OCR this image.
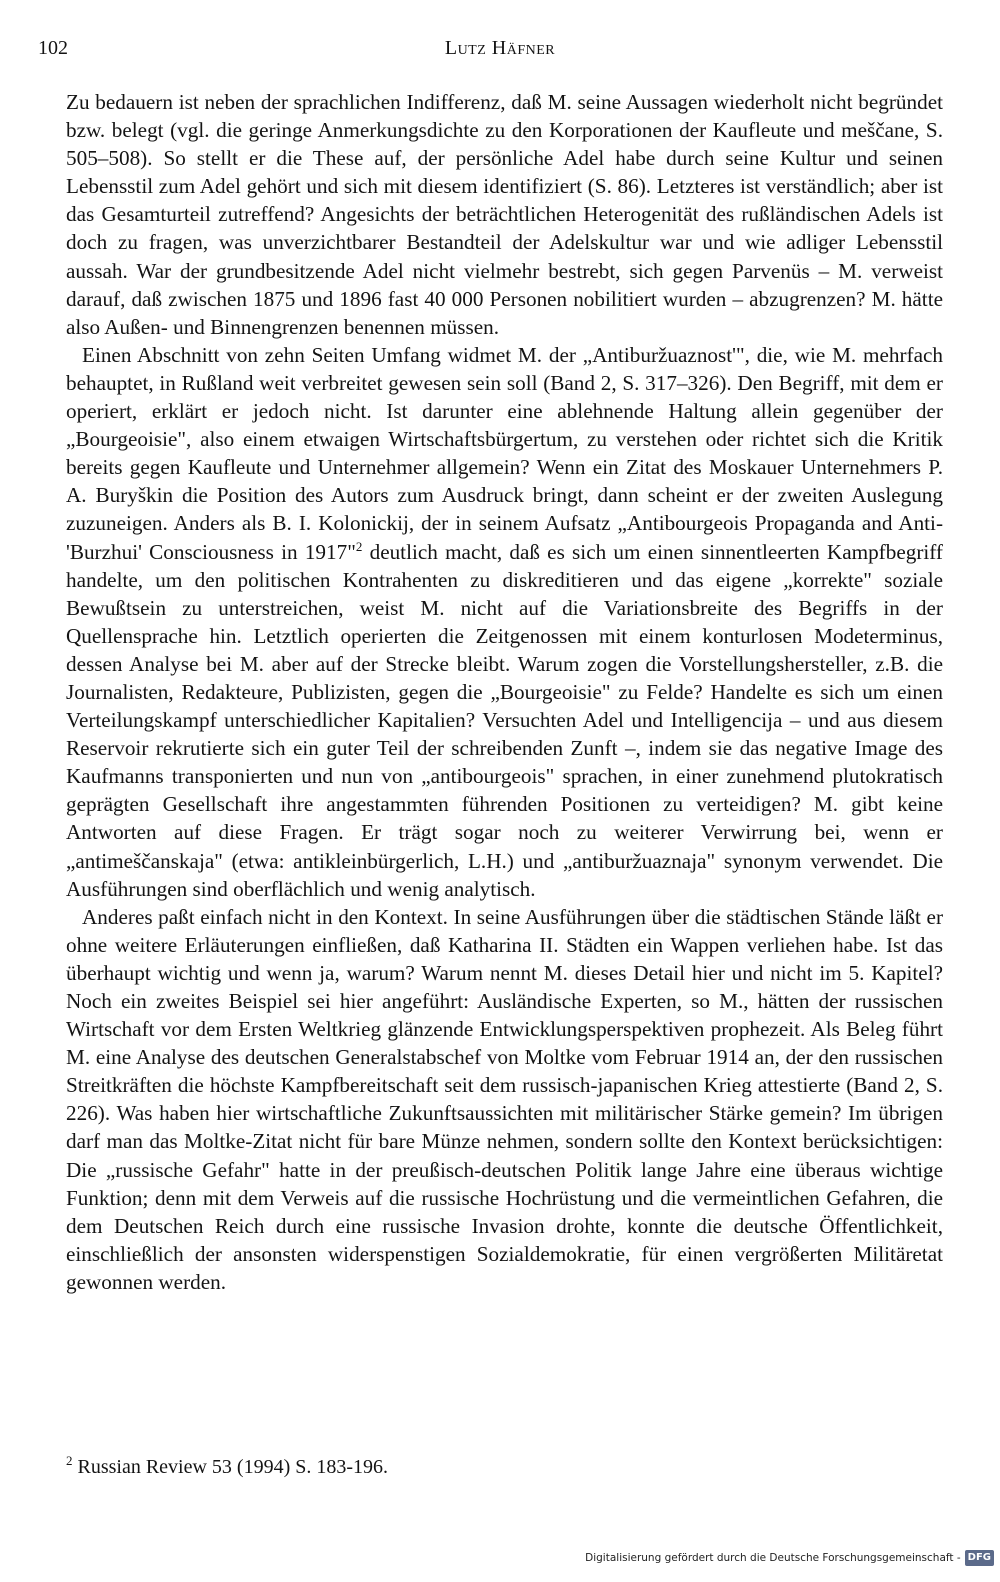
102	Lutz Häfner

Zu bedauern ist neben der sprachlichen Indifferenz, daß M. seine Aussagen wiederholt nicht begründet bzw. belegt (vgl. die geringe Anmerkungsdichte zu den Korporationen der Kaufleute und meščane, S. 505–508). So stellt er die These auf, der persönliche Adel habe durch seine Kultur und seinen Lebensstil zum Adel gehört und sich mit diesem identifiziert (S. 86). Letzteres ist verständlich; aber ist das Gesamturteil zutreffend? Angesichts der beträchtlichen Heterogenität des rußländischen Adels ist doch zu fragen, was unverzichtbarer Bestandteil der Adelskultur war und wie adliger Lebensstil aussah. War der grundbesitzende Adel nicht vielmehr bestrebt, sich gegen Parvenüs – M. verweist darauf, daß zwischen 1875 und 1896 fast 40 000 Personen nobilitiert wurden – abzugrenzen? M. hätte also Außen- und Binnengrenzen benennen müssen.

Einen Abschnitt von zehn Seiten Umfang widmet M. der „Antiburžuaznost'", die, wie M. mehrfach behauptet, in Rußland weit verbreitet gewesen sein soll (Band 2, S. 317–326). Den Begriff, mit dem er operiert, erklärt er jedoch nicht. Ist darunter eine ablehnende Haltung allein gegenüber der „Bourgeoisie", also einem etwaigen Wirtschaftsbürgertum, zu verstehen oder richtet sich die Kritik bereits gegen Kaufleute und Unternehmer allgemein? Wenn ein Zitat des Moskauer Unternehmers P. A. Buryškin die Position des Autors zum Ausdruck bringt, dann scheint er der zweiten Auslegung zuzuneigen. Anders als B. I. Kolonickij, der in seinem Aufsatz „Antibourgeois Propaganda and Anti-'Burzhui' Consciousness in 1917"$^2$ deutlich macht, daß es sich um einen sinnentleerten Kampfbegriff handelte, um den politischen Kontrahenten zu diskreditieren und das eigene „korrekte" soziale Bewußtsein zu unterstreichen, weist M. nicht auf die Variationsbreite des Begriffs in der Quellensprache hin. Letztlich operierten die Zeitgenossen mit einem konturlosen Modeterminus, dessen Analyse bei M. aber auf der Strecke bleibt. Warum zogen die Vorstellungshersteller, z.B. die Journalisten, Redakteure, Publizisten, gegen die „Bourgeoisie" zu Felde? Handelte es sich um einen Verteilungskampf unterschiedlicher Kapitalien? Versuchten Adel und Intelligencija – und aus diesem Reservoir rekrutierte sich ein guter Teil der schreibenden Zunft –, indem sie das negative Image des Kaufmanns transponierten und nun von „antibourgeois" sprachen, in einer zunehmend plutokratisch geprägten Gesellschaft ihre angestammten führenden Positionen zu verteidigen? M. gibt keine Antworten auf diese Fragen. Er trägt sogar noch zu weiterer Verwirrung bei, wenn er „antimeščanskaja" (etwa: antikleinbürgerlich, L.H.) und „antiburžuaznaja" synonym verwendet. Die Ausführungen sind oberflächlich und wenig analytisch.

Anderes paßt einfach nicht in den Kontext. In seine Ausführungen über die städtischen Stände läßt er ohne weitere Erläuterungen einfließen, daß Katharina II. Städten ein Wappen verliehen habe. Ist das überhaupt wichtig und wenn ja, warum? Warum nennt M. dieses Detail hier und nicht im 5. Kapitel? Noch ein zweites Beispiel sei hier angeführt: Ausländische Experten, so M., hätten der russischen Wirtschaft vor dem Ersten Weltkrieg glänzende Entwicklungsperspektiven prophezeit. Als Beleg führt M. eine Analyse des deutschen Generalstabschef von Moltke vom Februar 1914 an, der den russischen Streitkräften die höchste Kampfbereitschaft seit dem russisch-japanischen Krieg attestierte (Band 2, S. 226). Was haben hier wirtschaftliche Zukunftsaussichten mit militärischer Stärke gemein? Im übrigen darf man das Moltke-Zitat nicht für bare Münze nehmen, sondern sollte den Kontext berücksichtigen: Die „russische Gefahr" hatte in der preußisch-deutschen Politik lange Jahre eine überaus wichtige Funktion; denn mit dem Verweis auf die russische Hochrüstung und die vermeintlichen Gefahren, die dem Deutschen Reich durch eine russische Invasion drohte, konnte die deutsche Öffentlichkeit, einschließlich der ansonsten widerspenstigen Sozialdemokratie, für einen vergrößerten Militäretat gewonnen werden.

$^2$ Russian Review 53 (1994) S. 183-196.
Digitalisierung gefördert durch die Deutsche Forschungsgemeinschaft - DFG
